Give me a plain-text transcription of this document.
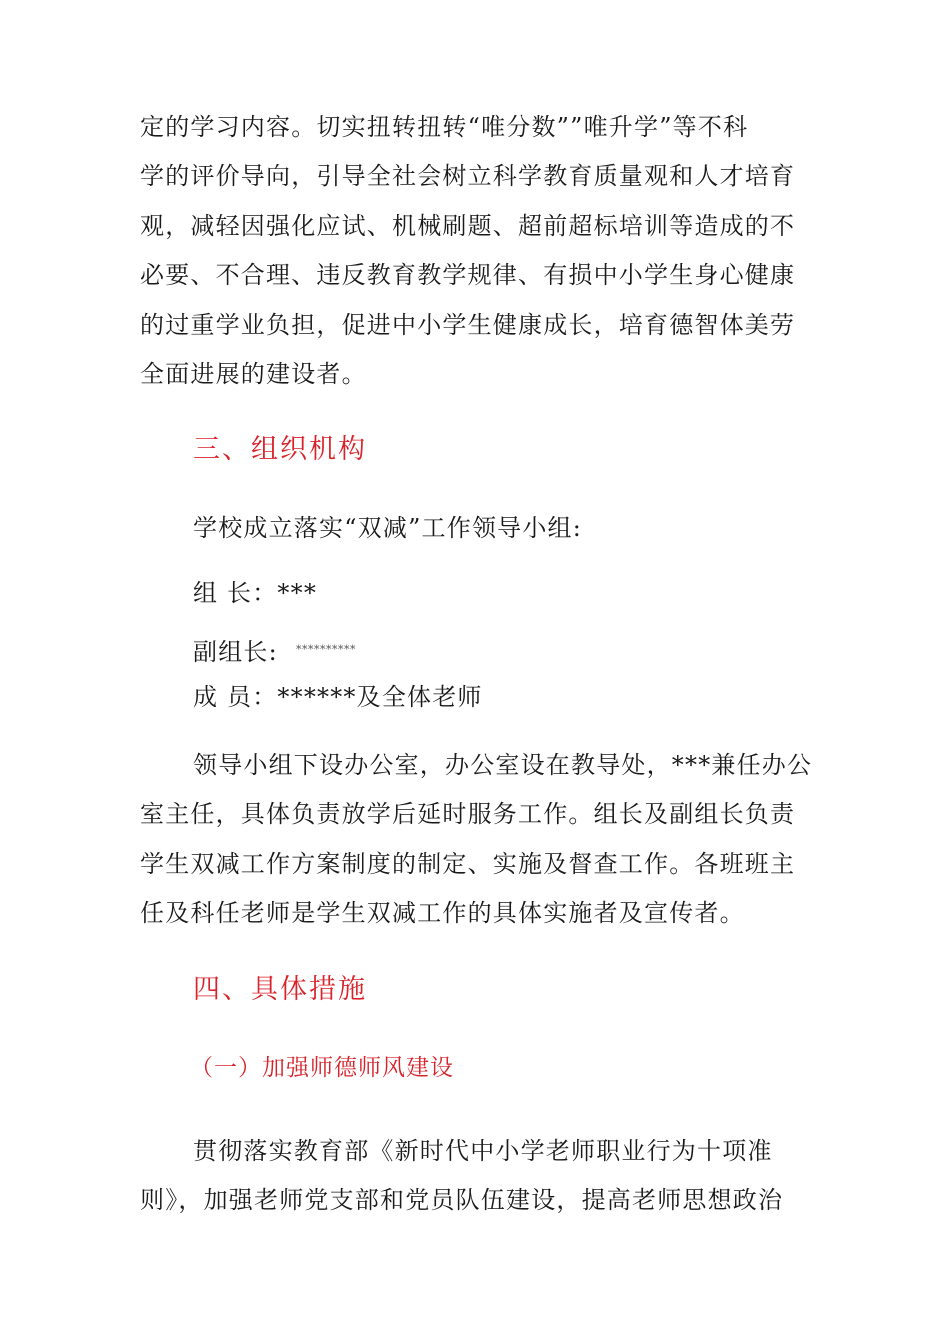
定的学习内容。切实扭转扭转“唯分数””唯升学”等不科
学的评价导向，引导全社会树立科学教育质量观和人才培育
观，减轻因强化应试、机械刷题、超前超标培训等造成的不
必要、不合理、违反教育教学规律、有损中小学生身心健康
的过重学业负担，促进中小学生健康成长，培育德智体美劳
全面进展的建设者。
三、组织机构
学校成立落实“双减”工作领导小组:
组 长：***
副组长: **********
成 员：******及全体老师
领导小组下设办公室，办公室设在教导处，***兼任办公
室主任，具体负责放学后延时服务工作。组长及副组长负责
学生双减工作方案制度的制定、实施及督查工作。各班班主
任及科任老师是学生双减工作的具体实施者及宣传者。
四、具体措施
（一）加强师德师风建设
贯彻落实教育部《新时代中小学老师职业行为十项准
则》，加强老师党支部和党员队伍建设，提高老师思想政治
